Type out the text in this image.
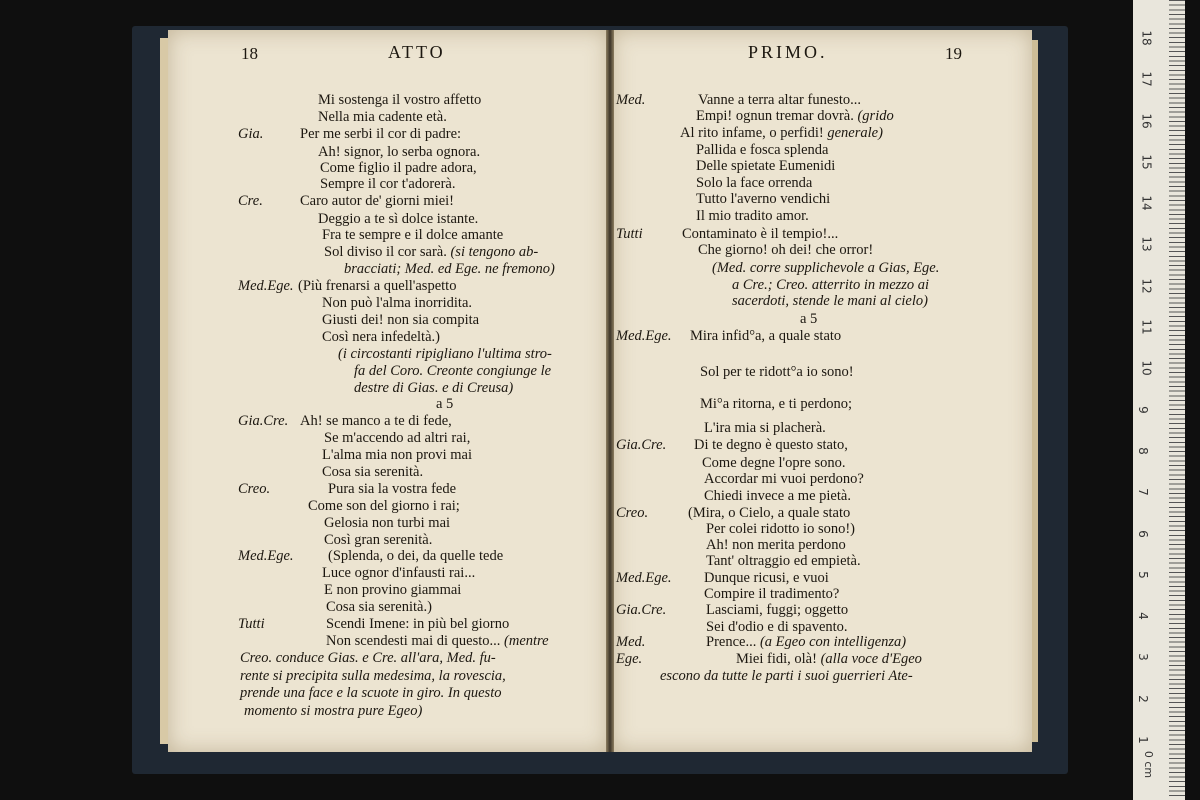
18	ATTO	PRIMO.	19
Mi sostenga il vostro affetto
Nella mia cadente età.
Gia.	Per me serbi il cor di padre:
Ah! signor, lo serba ognora.
Come figlio il padre adora,
Sempre il cor t'adorerà.
Cre.	Caro autor de' giorni miei!
Deggio a te sì dolce istante.
Fra te sempre e il dolce amante
Sol diviso il cor sarà. (si tengono ab-
bracciati; Med. ed Ege. ne fremono)
Med.Ege. (Più frenarsi a quell'aspetto
Non può l'alma inorridita.
Giusti dei! non sia compita
Così nera infedeltà.)
(i circostanti ripigliano l'ultima stro-
fa del Coro. Creonte congiunge le
destre di Gias. e di Creusa)
a 5
Giа.Cre. Ah! se manco a te di fede,
Se m'accendo ad altri rai,
L'alma mia non provi mai
Cosa sia serenità.
Creo.	Pura sia la vostra fede
Come son del giorno i rai;
Gelosia non turbi mai
Così gran serenità.
Med.Ege. (Splenda, o dei, da quelle tede
Luce ognor d'infausti rai...
E non provino giammai
Cosa sia serenità.)
Tutti	Scendi Imene: in più bel giorno
Non scendesti mai di questo... (mentre
Creo. conduce Gias. e Cre. all'ara, Med. fu-
rente si precipita sulla medesima, la rovescia,
prende una face e la scuote in giro. In questo
momento si mostra pure Egeo)
Med.	Vanne a terra altar funesto...
Empi! ognun tremar dovrà. (grido
Al rito infame, o perfidi! generale)
Pallida e fosca splenda
Delle spietate Eumenidi
Solo la face orrenda
Tutto l'averno vendichi
Il mio tradito amor.
Tutti	Contaminato è il tempio!...
Che giorno! oh dei! che orror!
(Med. corre supplichevole a Gias, Ege.
a Cre.; Creo. atterrito in mezzo ai
sacerdoti, stende le mani al cielo)
a 5
Med.Ege. Mira infid°a, a quale stato
Sol per te ridott°a io sono!
Mi°a ritorna, e ti perdono;
L'ira mia si placherà.
Gia.Cre. Di te degno è questo stato,
Come degne l'opre sono.
Accordar mi vuoi perdono?
Chiedi invece a me pietà.
Creo.	(Mira, o Cielo, a quale stato
Per colei ridotto io sono!)
Ah! non merita perdono
Tant' oltraggio ed empietà.
Med.Ege. Dunque ricusi, e vuoi
Compire il tradimento?
Gia.Cre.	Lasciami, fuggi; oggetto
Sei d'odio e di spavento.
Med.	Prence... (a Egeo con intelligenza)
Ege.	Miei fidi, olà! (alla voce d'Egeo
escono da tutte le parti i suoi guerrieri Ate-
1
2
3
4
5
6
7
8
9
10
11
12
13
14
15
16
17
18
0 cm
